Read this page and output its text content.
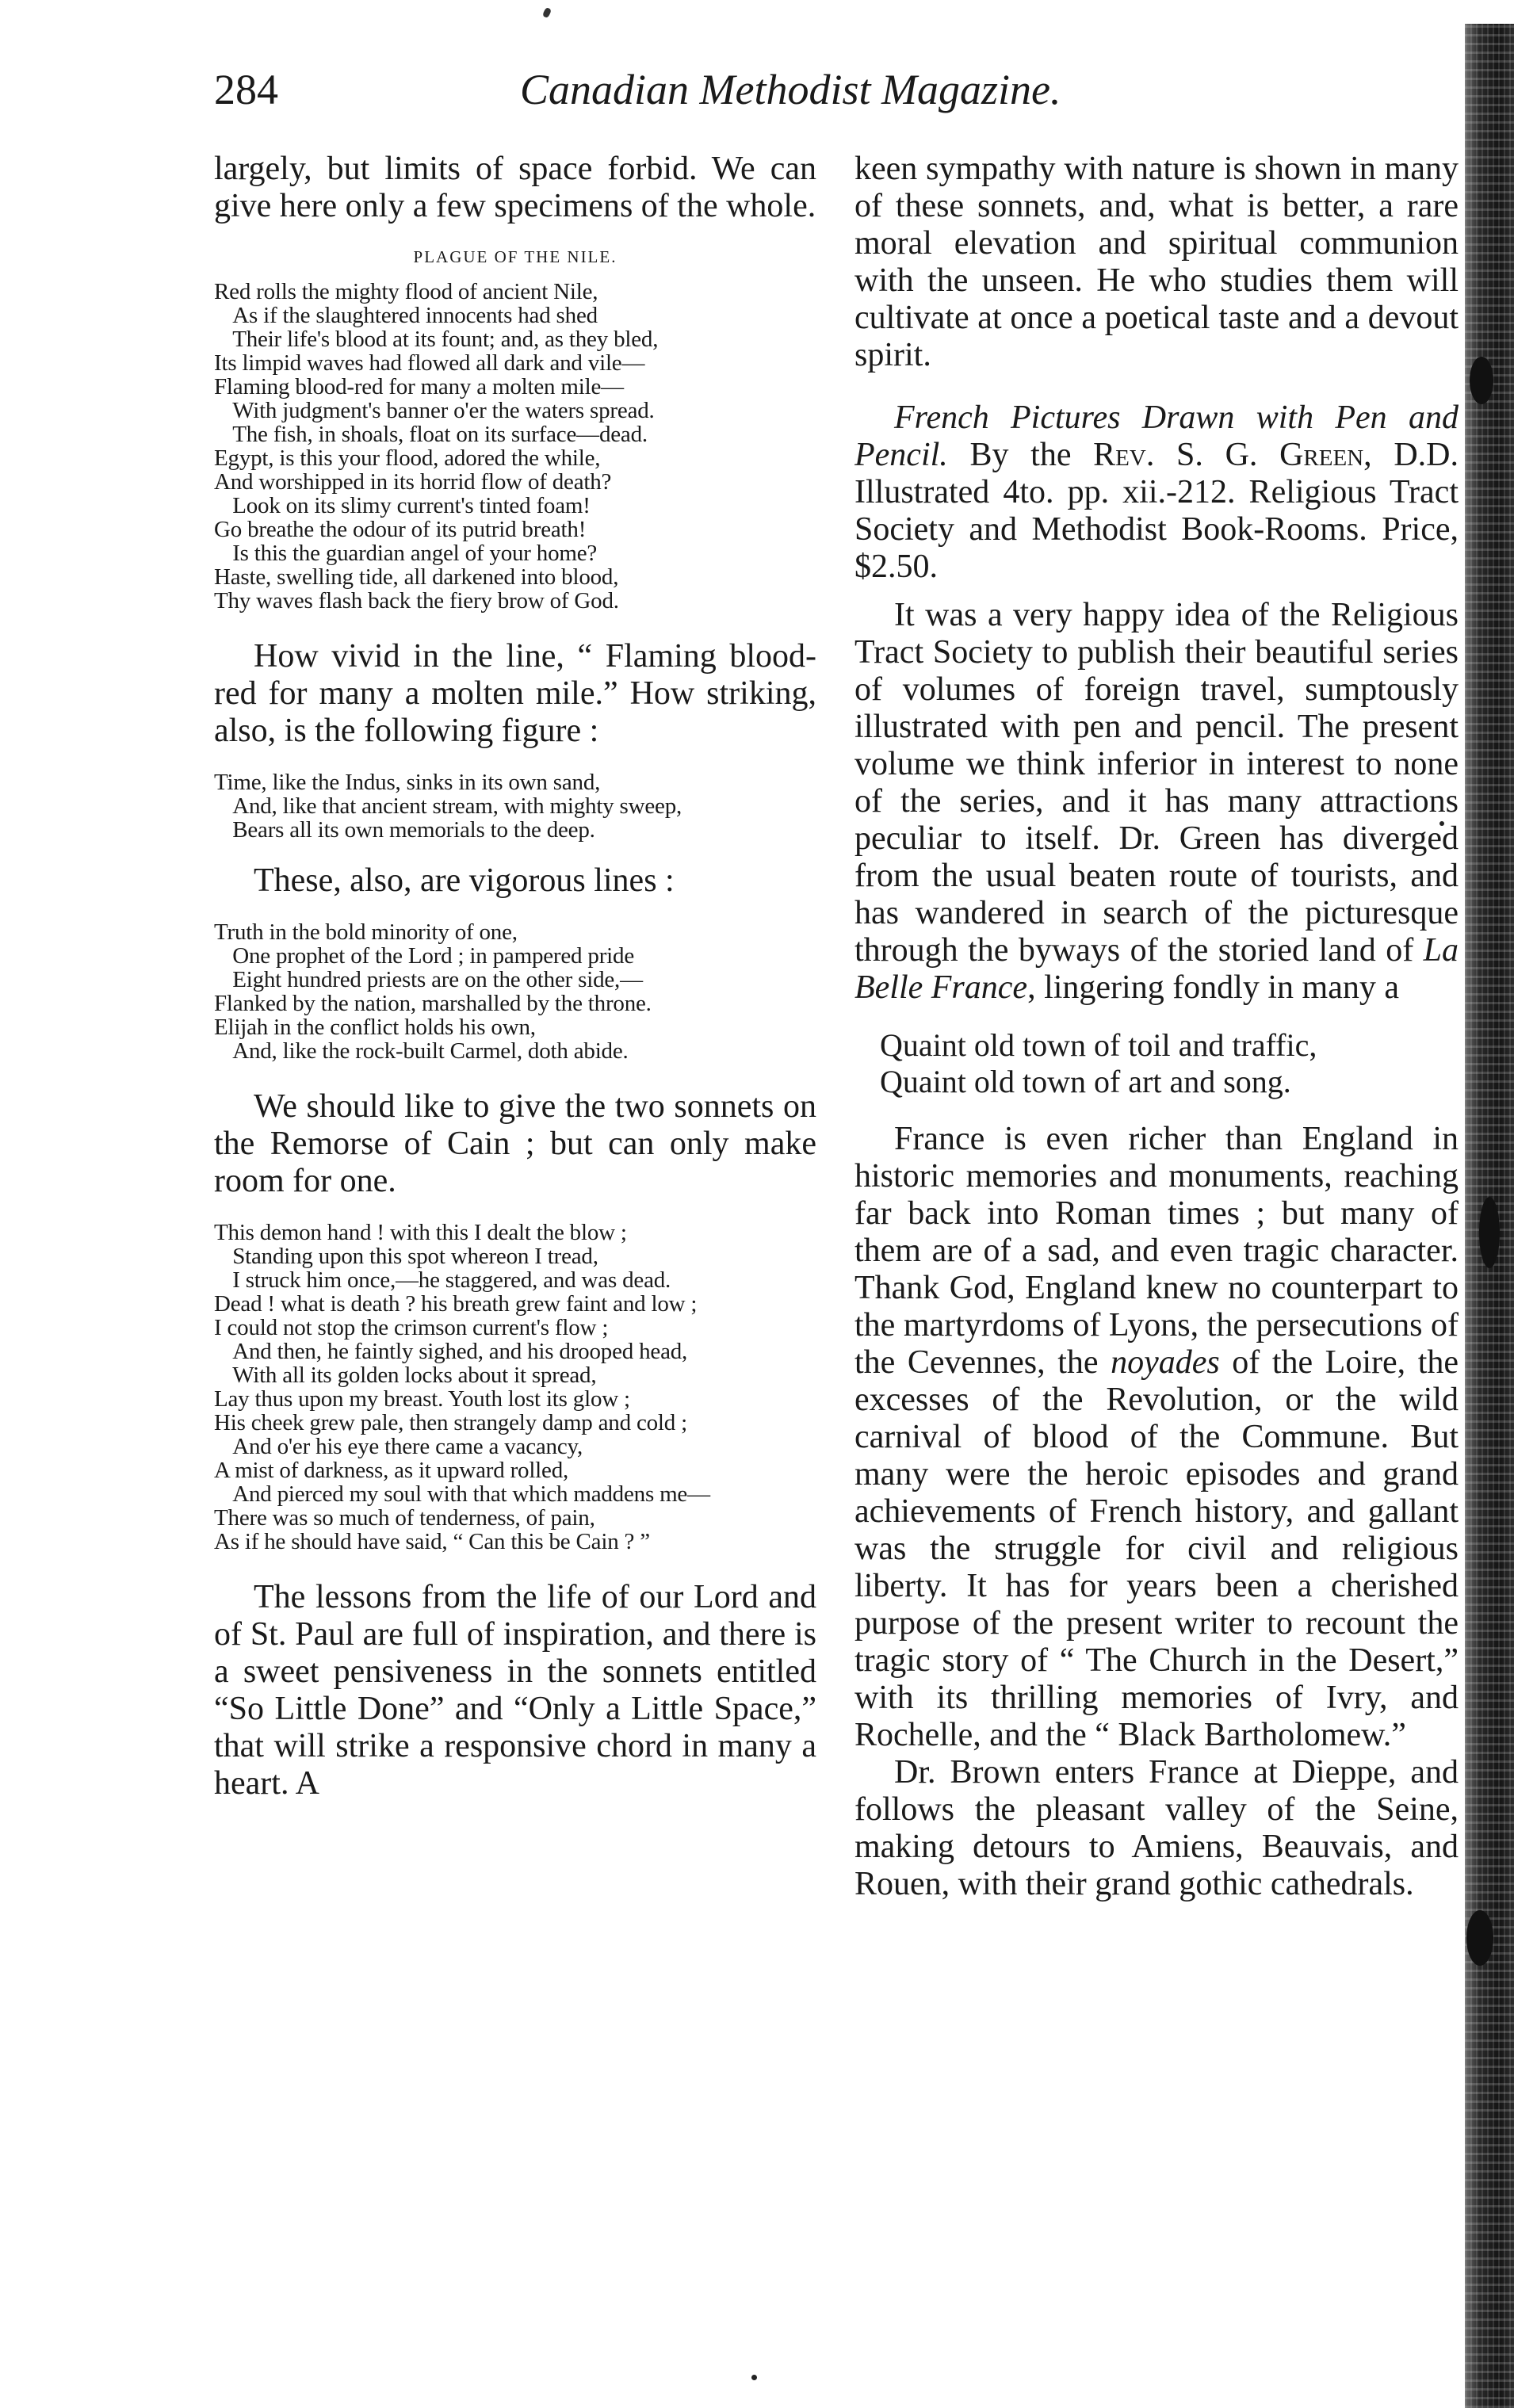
284	Canadian Methodist Magazine.

largely, but limits of space forbid. We can give here only a few specimens of the whole.

PLAGUE OF THE NILE.
Red rolls the mighty flood of ancient Nile,
As if the slaughtered innocents had shed
Their life's blood at its fount; and, as they bled,
Its limpid waves had flowed all dark and vile—
Flaming blood-red for many a molten mile—
With judgment's banner o'er the waters spread.
The fish, in shoals, float on its surface—dead.
Egypt, is this your flood, adored the while,
And worshipped in its horrid flow of death?
Look on its slimy current's tinted foam!
Go breathe the odour of its putrid breath!
Is this the guardian angel of your home?
Haste, swelling tide, all darkened into blood,
Thy waves flash back the fiery brow of God.

How vivid in the line, “ Flaming blood-red for many a molten mile.” How striking, also, is the following figure :

Time, like the Indus, sinks in its own sand,
And, like that ancient stream, with mighty sweep,
Bears all its own memorials to the deep.

These, also, are vigorous lines :

Truth in the bold minority of one,
One prophet of the Lord ; in pampered pride
Eight hundred priests are on the other side,—
Flanked by the nation, marshalled by the throne.
Elijah in the conflict holds his own,
And, like the rock-built Carmel, doth abide.

We should like to give the two sonnets on the Remorse of Cain ; but can only make room for one.

This demon hand ! with this I dealt the blow ;
Standing upon this spot whereon I tread,
I struck him once,—he staggered, and was dead.
Dead ! what is death ? his breath grew faint and low ;
I could not stop the crimson current's flow ;
And then, he faintly sighed, and his drooped head,
With all its golden locks about it spread,
Lay thus upon my breast. Youth lost its glow ;
His cheek grew pale, then strangely damp and cold ;
And o'er his eye there came a vacancy,
A mist of darkness, as it upward rolled,
And pierced my soul with that which maddens me—
There was so much of tenderness, of pain,
As if he should have said, “ Can this be Cain ? ”

The lessons from the life of our Lord and of St. Paul are full of inspiration, and there is a sweet pensiveness in the sonnets entitled “So Little Done” and “Only a Little Space,” that will strike a responsive chord in many a heart. A

keen sympathy with nature is shown in many of these sonnets, and, what is better, a rare moral elevation and spiritual communion with the unseen. He who studies them will cultivate at once a poetical taste and a devout spirit.

French Pictures Drawn with Pen and Pencil. By the Rev. S. G. Green, D.D. Illustrated 4to. pp. xii.-212. Religious Tract Society and Methodist Book-Rooms. Price, $2.50.

It was a very happy idea of the Religious Tract Society to publish their beautiful series of volumes of foreign travel, sumptously illustrated with pen and pencil. The present volume we think inferior in interest to none of the series, and it has many attractions peculiar to itself. Dr. Green has diverged from the usual beaten route of tourists, and has wandered in search of the picturesque through the byways of the storied land of La Belle France, lingering fondly in many a

Quaint old town of toil and traffic,
Quaint old town of art and song.

France is even richer than England in historic memories and monuments, reaching far back into Roman times ; but many of them are of a sad, and even tragic character. Thank God, England knew no counterpart to the martyrdoms of Lyons, the persecutions of the Cevennes, the noyades of the Loire, the excesses of the Revolution, or the wild carnival of blood of the Commune. But many were the heroic episodes and grand achievements of French history, and gallant was the struggle for civil and religious liberty. It has for years been a cherished purpose of the present writer to recount the tragic story of “ The Church in the Desert,” with its thrilling memories of Ivry, and Rochelle, and the “ Black Bartholomew.”

Dr. Brown enters France at Dieppe, and follows the pleasant valley of the Seine, making detours to Amiens, Beauvais, and Rouen, with their grand gothic cathedrals.
